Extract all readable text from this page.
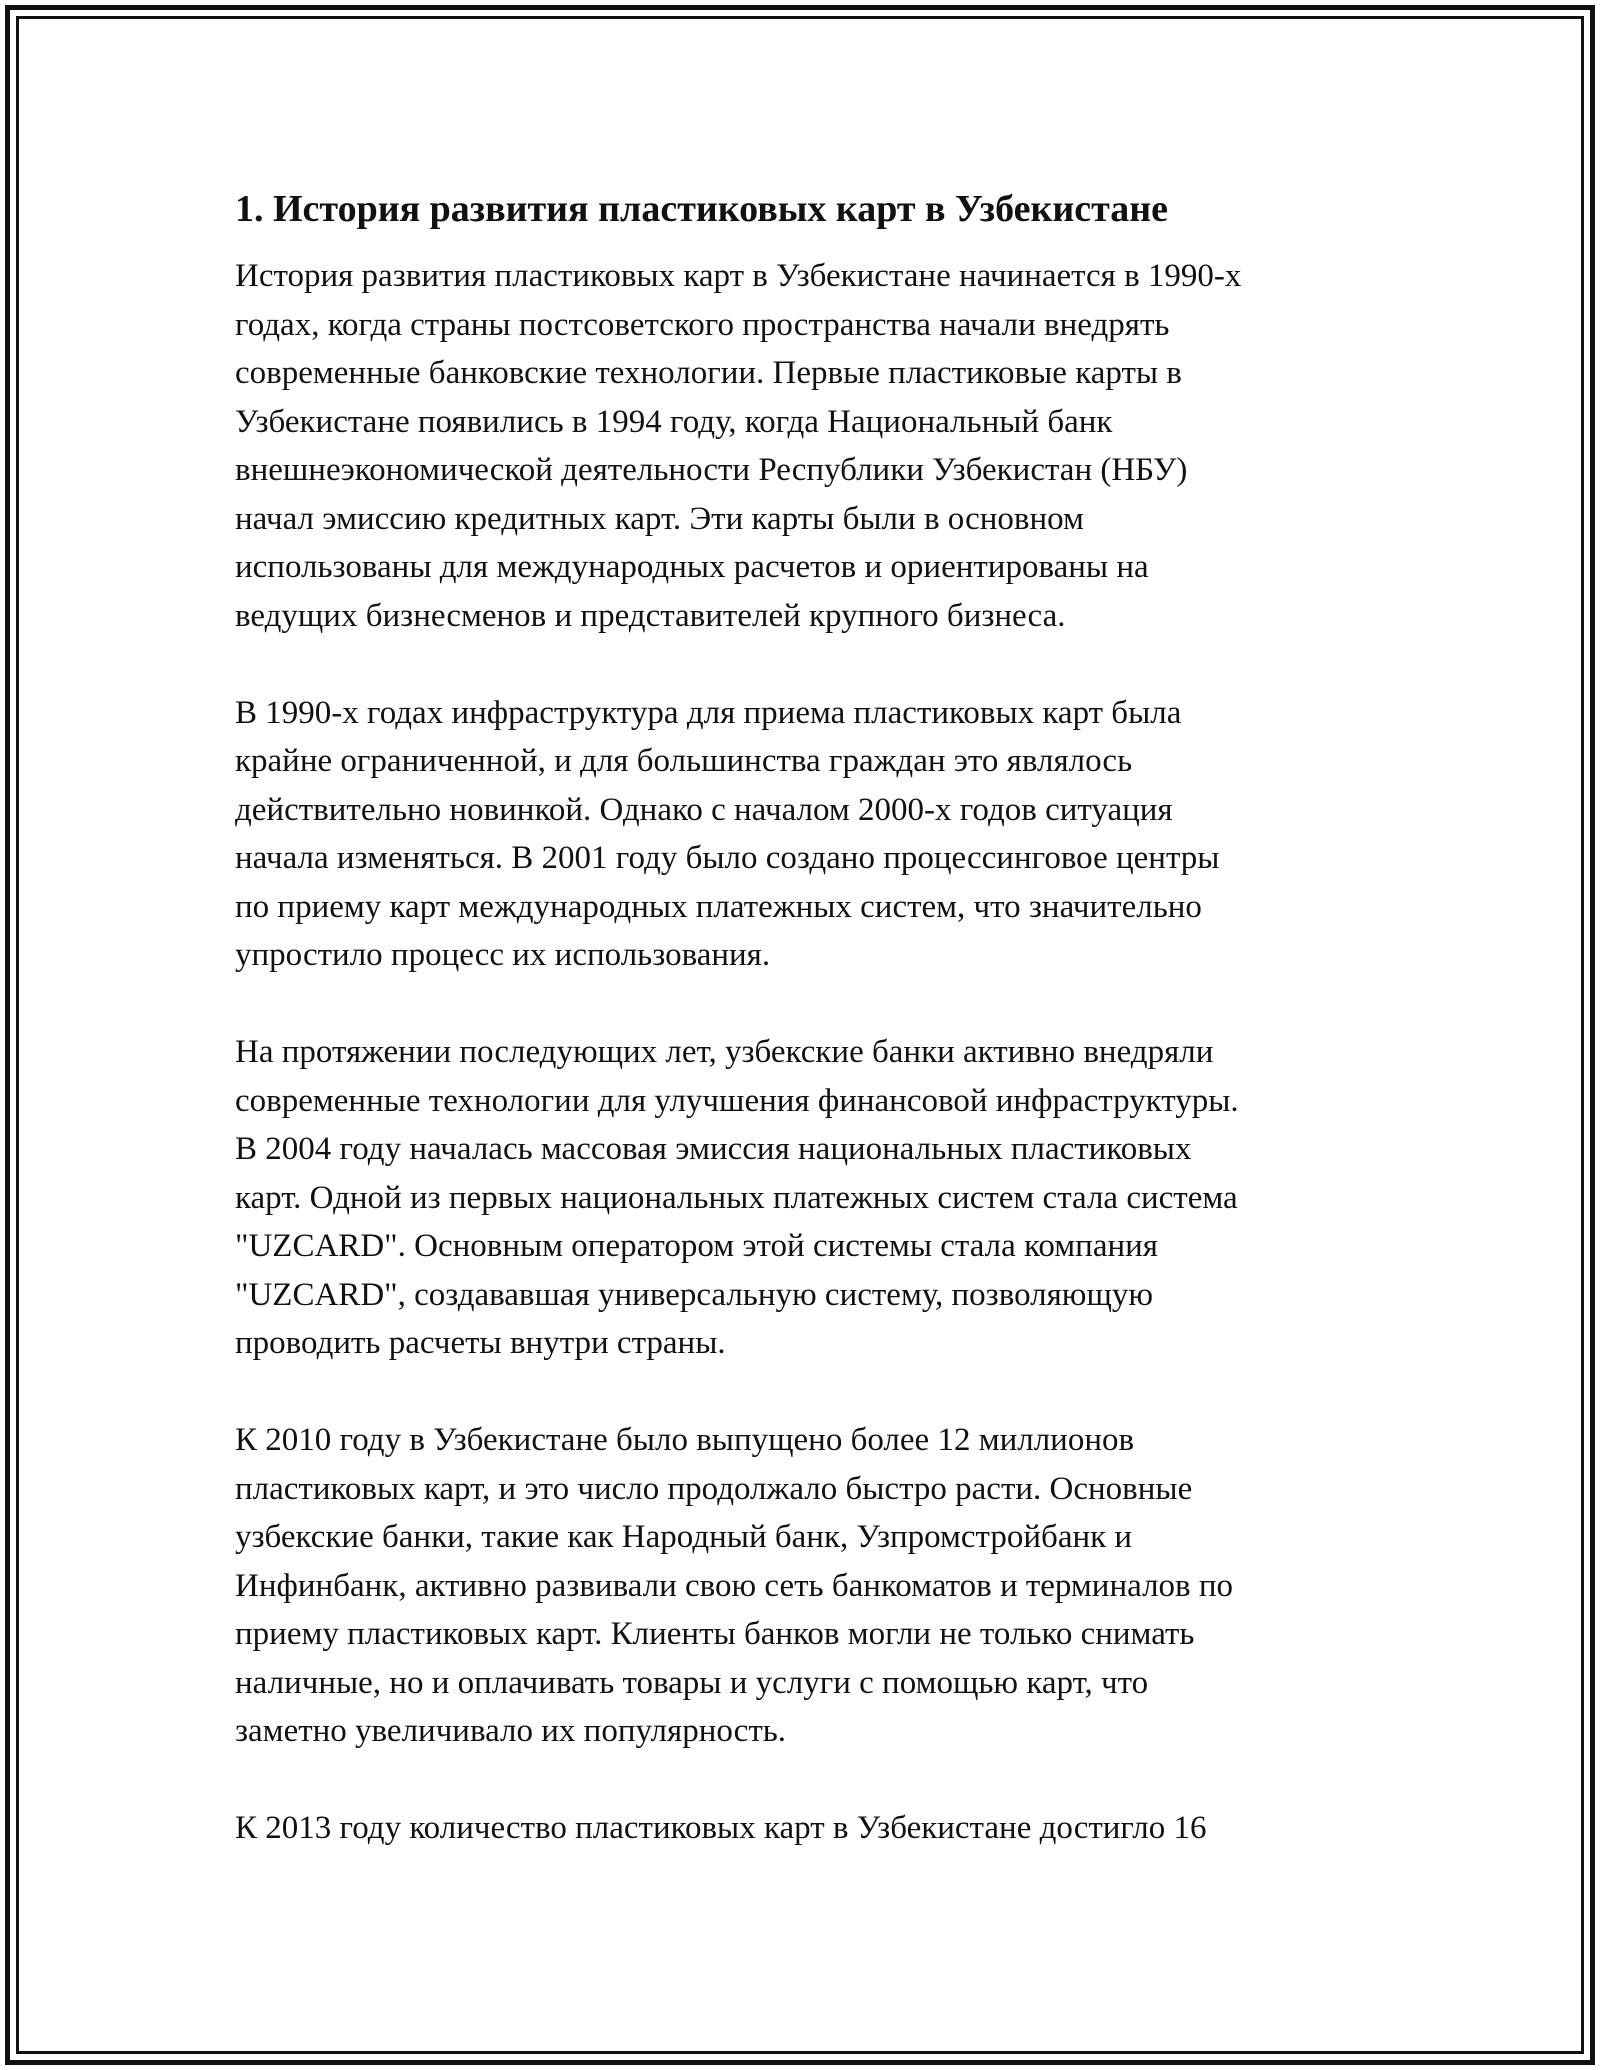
1. История развития пластиковых карт в Узбекистане
История развития пластиковых карт в Узбекистане начинается в 1990-х
годах, когда страны постсоветского пространства начали внедрять
современные банковские технологии. Первые пластиковые карты в
Узбекистане появились в 1994 году, когда Национальный банк
внешнеэкономической деятельности Республики Узбекистан (НБУ)
начал эмиссию кредитных карт. Эти карты были в основном
использованы для международных расчетов и ориентированы на
ведущих бизнесменов и представителей крупного бизнеса.
В 1990-х годах инфраструктура для приема пластиковых карт была
крайне ограниченной, и для большинства граждан это являлось
действительно новинкой. Однако с началом 2000-х годов ситуация
начала изменяться. В 2001 году было создано процессинговое центры
по приему карт международных платежных систем, что значительно
упростило процесс их использования.
На протяжении последующих лет, узбекские банки активно внедряли
современные технологии для улучшения финансовой инфраструктуры.
В 2004 году началась массовая эмиссия национальных пластиковых
карт. Одной из первых национальных платежных систем стала система
"UZCARD". Основным оператором этой системы стала компания
"UZCARD", создававшая универсальную систему, позволяющую
проводить расчеты внутри страны.
К 2010 году в Узбекистане было выпущено более 12 миллионов
пластиковых карт, и это число продолжало быстро расти. Основные
узбекские банки, такие как Народный банк, Узпромстройбанк и
Инфинбанк, активно развивали свою сеть банкоматов и терминалов по
приему пластиковых карт. Клиенты банков могли не только снимать
наличные, но и оплачивать товары и услуги с помощью карт, что
заметно увеличивало их популярность.
К 2013 году количество пластиковых карт в Узбекистане достигло 16
